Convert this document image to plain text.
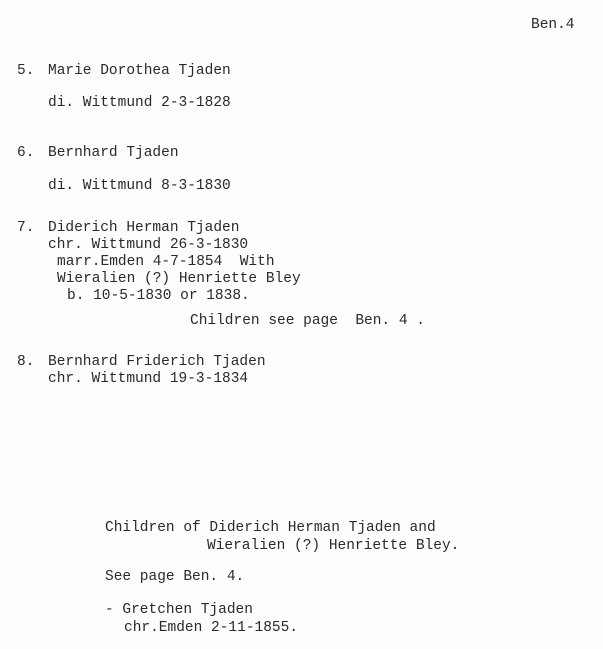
Ben.4
5. Marie Dorothea Tjaden
di. Wittmund 2-3-1828
6. Bernhard Tjaden
di. Wittmund 8-3-1830
7. Diderich Herman Tjaden
chr. Wittmund 26-3-1830
marr.Emden 4-7-1854  With
Wieralien (?) Henriette Bley
b. 10-5-1830 or 1838.
Children see page  Ben. 4 .
8. Bernhard Friderich Tjaden
chr. Wittmund 19-3-1834
Children of Diderich Herman Tjaden and
Wieralien (?) Henriette Bley.
See page Ben. 4.
- Gretchen Tjaden
chr.Emden 2-11-1855.
